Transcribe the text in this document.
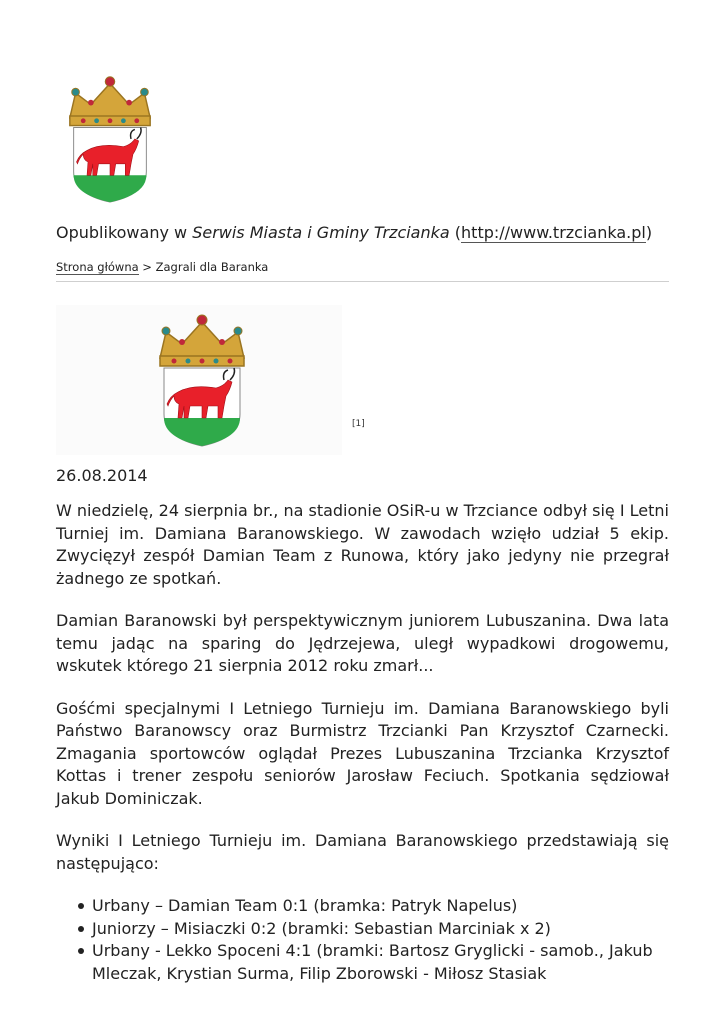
Opublikowany w Serwis Miasta i Gminy Trzcianka (http://www.trzcianka.pl)
Strona główna > Zagrali dla Baranka
[1]
26.08.2014

W niedzielę, 24 sierpnia br., na stadionie OSiR-u w Trzciance odbył się I Letni Turniej im. Damiana Baranowskiego. W zawodach wzięło udział 5 ekip. Zwycięzył zespół Damian Team z Runowa, który jako jedyny nie przegrał żadnego ze spotkań.

Damian Baranowski był perspektywicznym juniorem Lubuszanina. Dwa lata temu jadąc na sparing do Jędrzejewa, uległ wypadkowi drogowemu, wskutek którego 21 sierpnia 2012 roku zmarł...

Gośćmi specjalnymi I Letniego Turnieju im. Damiana Baranowskiego byli Państwo Baranowscy oraz Burmistrz Trzcianki Pan Krzysztof Czarnecki. Zmagania sportowców oglądał Prezes Lubuszanina Trzcianka Krzysztof Kottas i trener zespołu seniorów Jarosław Feciuch. Spotkania sędziował Jakub Dominiczak.

Wyniki I Letniego Turnieju im. Damiana Baranowskiego przedstawiają się następująco:

Urbany – Damian Team 0:1 (bramka: Patryk Napelus)
Juniorzy – Misiaczki 0:2 (bramki: Sebastian Marciniak x 2)
Urbany - Lekko Spoceni 4:1 (bramki: Bartosz Gryglicki - samob., Jakub Mleczak, Krystian Surma, Filip Zborowski - Miłosz Stasiak
